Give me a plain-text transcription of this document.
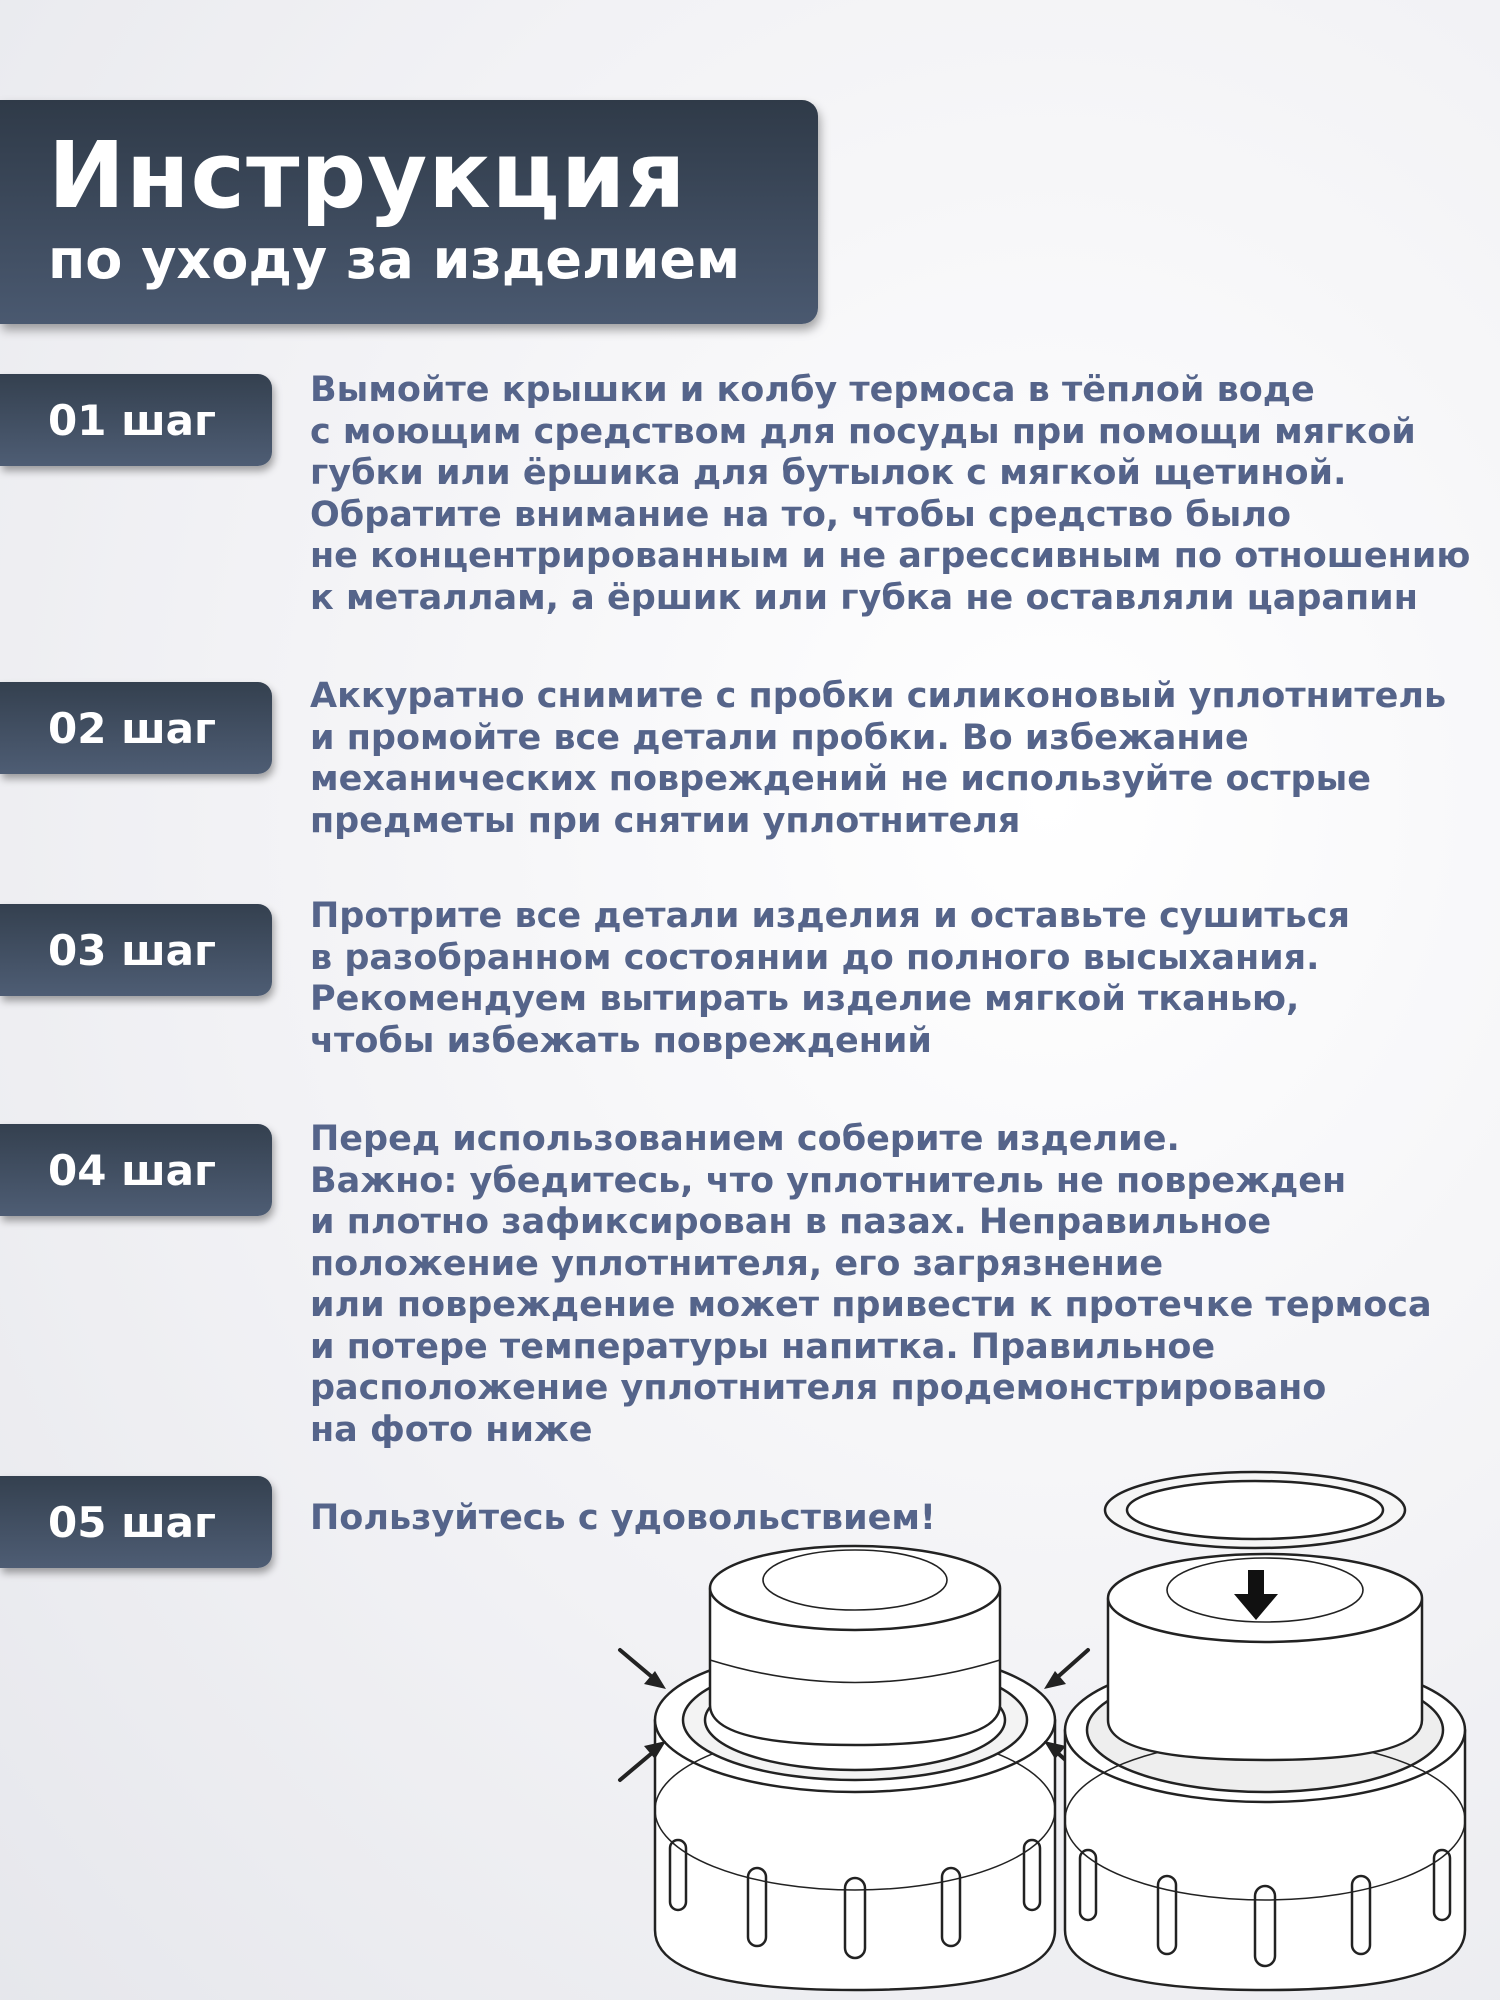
Инструкция
по уходу за изделием
01 шаг
Вымойте крышки и колбу термоса в тёплой воде
с моющим средством для посуды при помощи мягкой
губки или ёршика для бутылок с мягкой щетиной.
Обратите внимание на то, чтобы средство было
не концентрированным и не агрессивным по отношению
к металлам, а ёршик или губка не оставляли царапин
02 шаг
Аккуратно снимите с пробки силиконовый уплотнитель
и промойте все детали пробки. Во избежание
механических повреждений не используйте острые
предметы при снятии уплотнителя
03 шаг
Протрите все детали изделия и оставьте сушиться
в разобранном состоянии до полного высыхания.
Рекомендуем вытирать изделие мягкой тканью,
чтобы избежать повреждений
04 шаг
Перед использованием соберите изделие.
Важно: убедитесь, что уплотнитель не поврежден
и плотно зафиксирован в пазах. Неправильное
положение уплотнителя, его загрязнение
или повреждение может привести к протечке термоса
и потере температуры напитка. Правильное
расположение уплотнителя продемонстрировано
на фото ниже
05 шаг	Пользуйтесь с удовольствием!
